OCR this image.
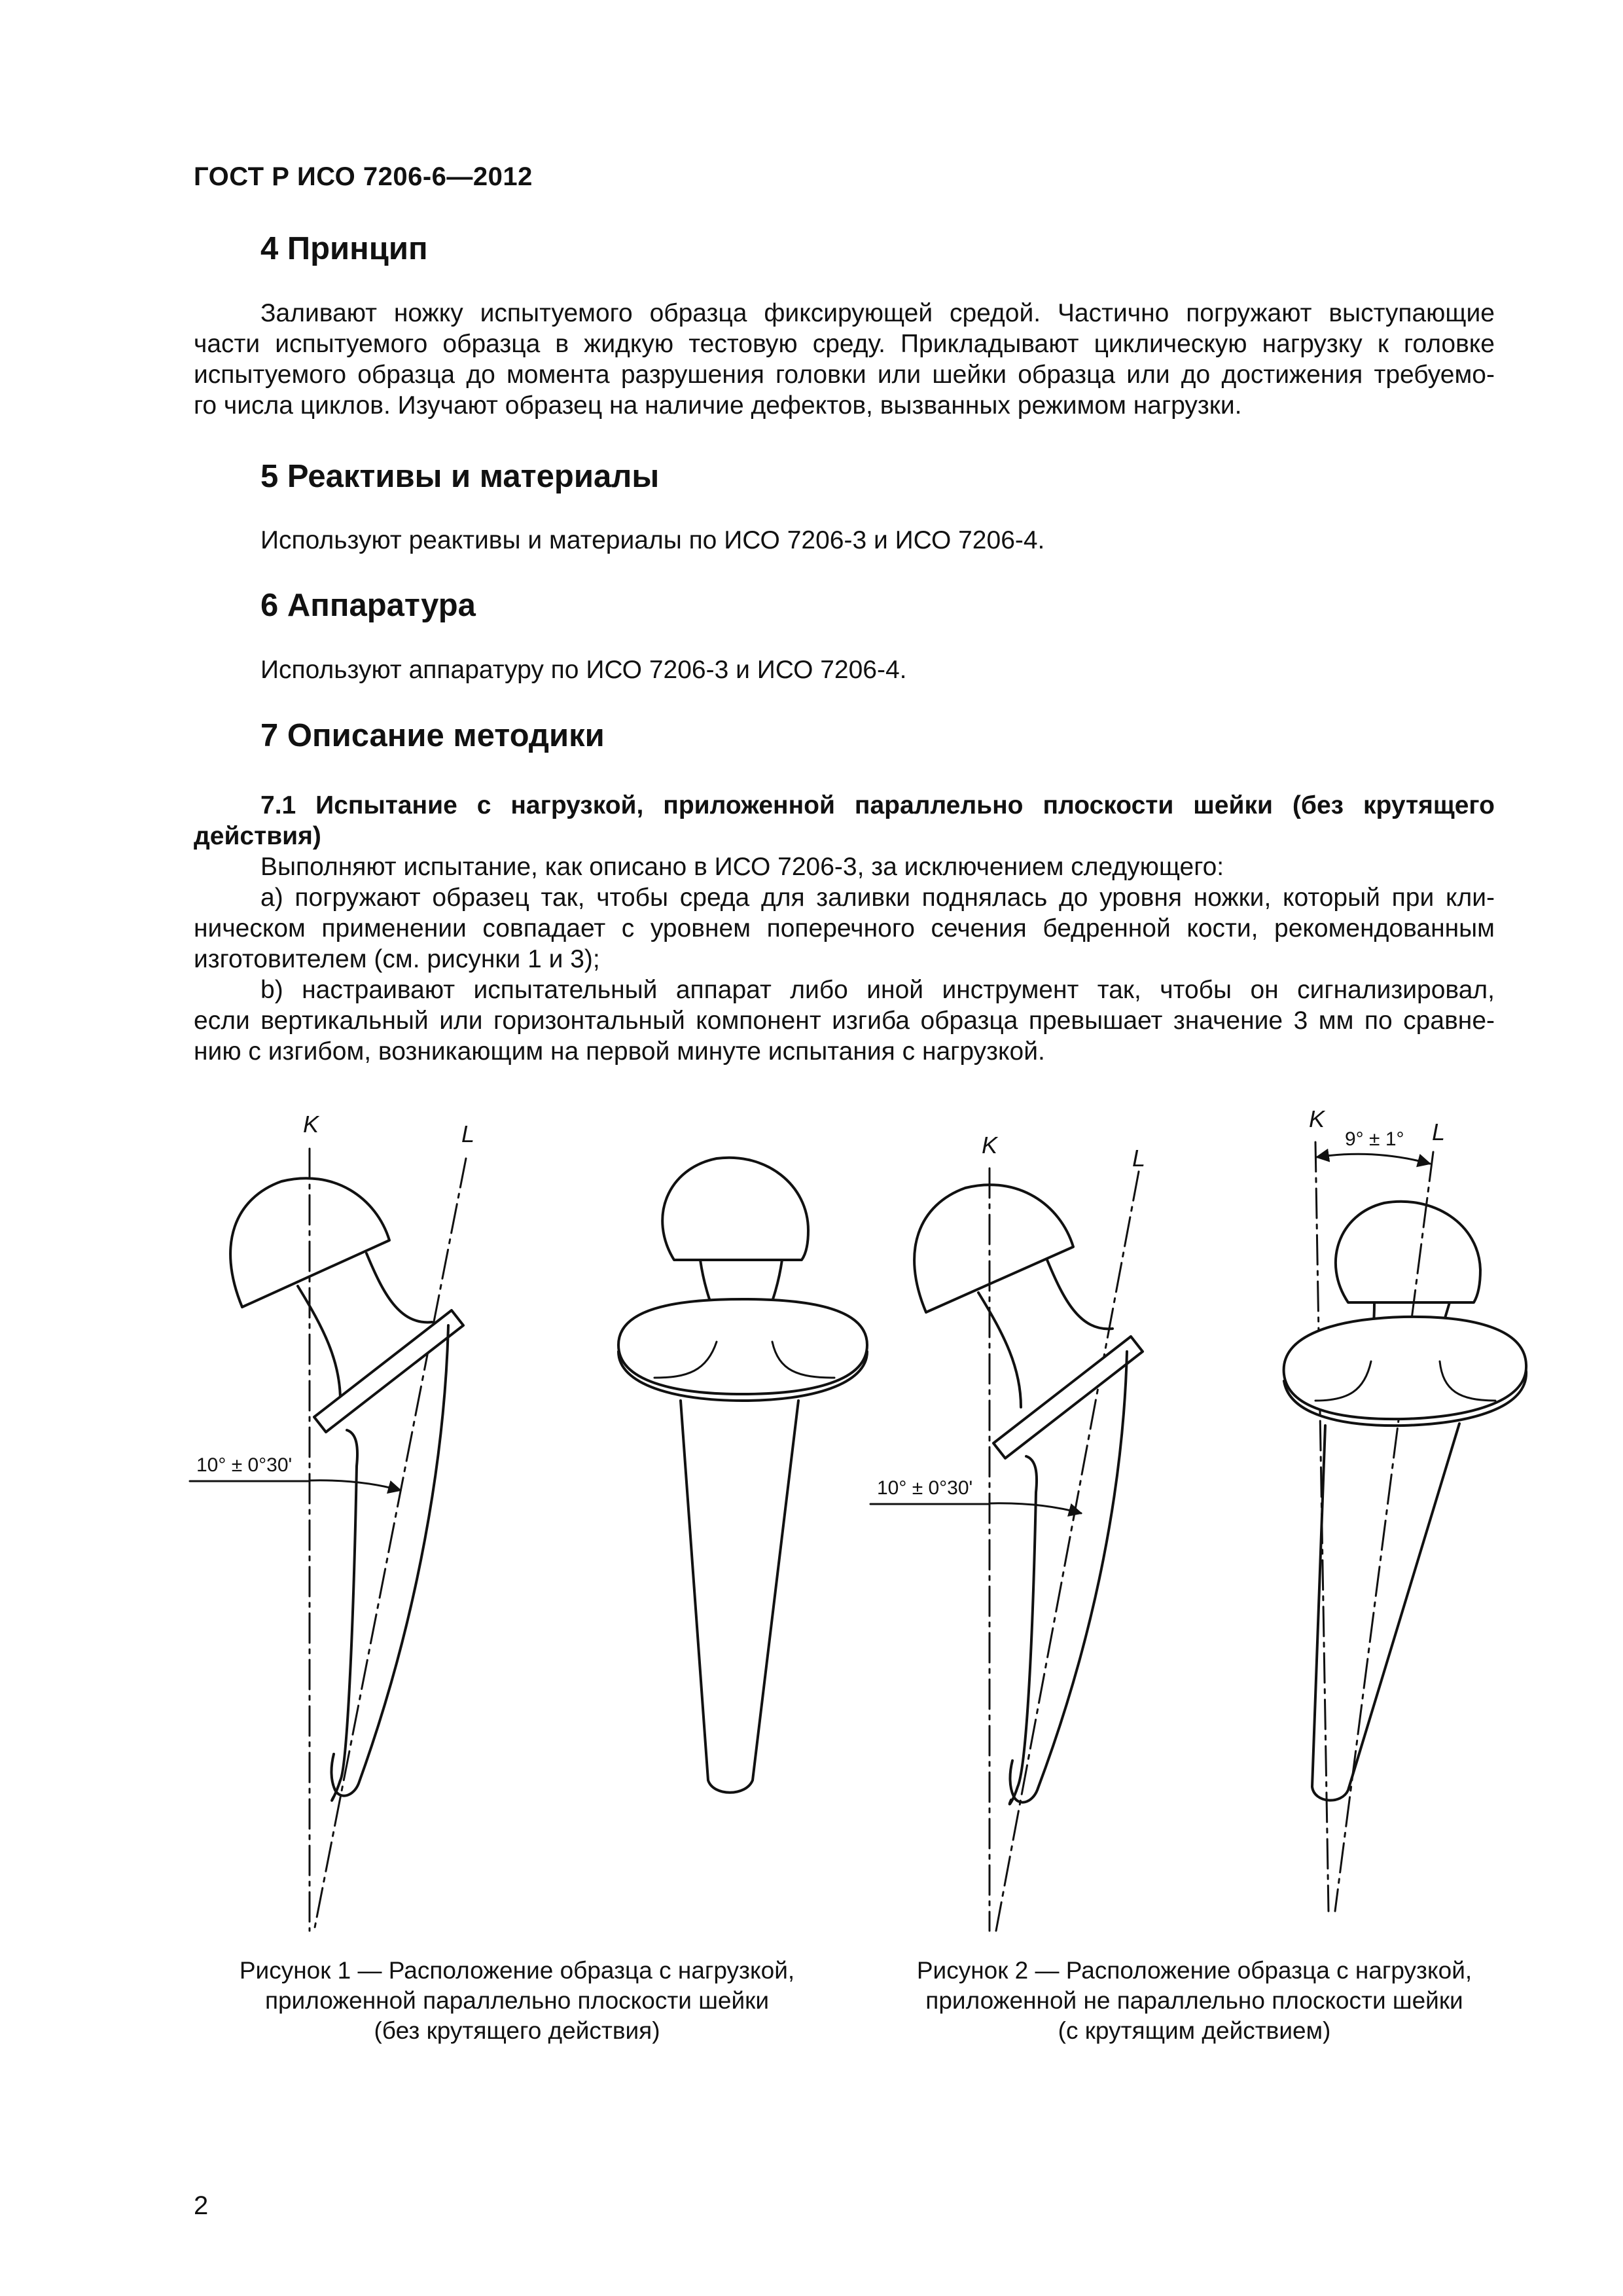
ГОСТ Р ИСО 7206-6—2012
4 Принцип
Заливают ножку испытуемого образца фиксирующей средой. Частично погружают выступающие
части испытуемого образца в жидкую тестовую среду. Прикладывают циклическую нагрузку к головке
испытуемого образца до момента разрушения головки или шейки образца или до достижения требуемо-
го числа циклов. Изучают образец на наличие дефектов, вызванных режимом нагрузки.
5 Реактивы и материалы
Используют реактивы и материалы по ИСО 7206-3 и ИСО 7206-4.
6 Аппаратура
Используют аппаратуру по ИСО 7206-3 и ИСО 7206-4.
7 Описание методики
7.1 Испытание с нагрузкой, приложенной параллельно плоскости шейки (без крутящего
действия)
Выполняют испытание, как описано в ИСО 7206-3, за исключением следующего:
a) погружают образец так, чтобы среда для заливки поднялась до уровня ножки, который при кли-
ническом применении совпадает с уровнем поперечного сечения бедренной кости, рекомендованным
изготовителем (см. рисунки 1 и 3);
b) настраивают испытательный аппарат либо иной инструмент так, чтобы он сигнализировал,
если вертикальный или горизонтальный компонент изгиба образца превышает значение 3 мм по сравне-
нию с изгибом, возникающим на первой минуте испытания с нагрузкой.
K	L	K	L
K	L
10° ± 0°30'
10° ± 0°30'
9° ± 1°
Рисунок 1 — Расположение образца с нагрузкой,
приложенной параллельно плоскости шейки
(без крутящего действия)
Рисунок 2 — Расположение образца с нагрузкой,
приложенной не параллельно плоскости шейки
(с крутящим действием)
2
